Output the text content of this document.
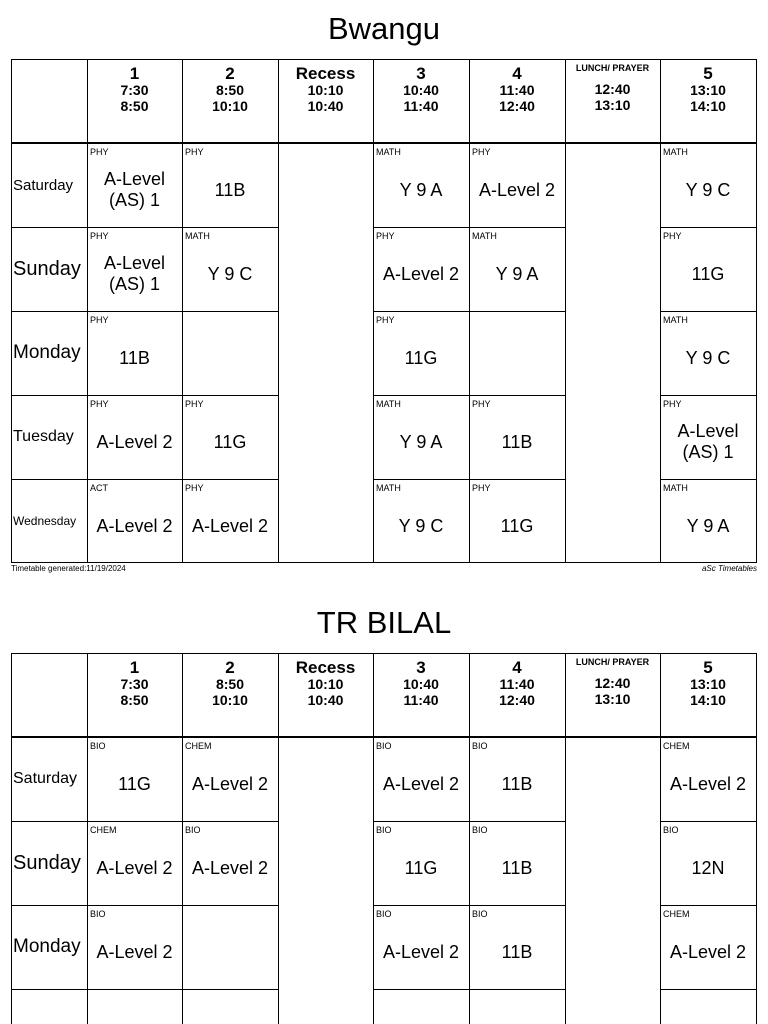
Bwangu
1
7:30
8:50
2
8:50
10:10
Recess
10:10
10:40
3
10:40
11:40
4
11:40
12:40
LUNCH/ PRAYER
12:40
13:10
5
13:10
14:10
Saturday
PHY
A-Level (AS) 1
PHY
11B
MATH
Y 9 A
PHY
A-Level 2
MATH
Y 9 C
Sunday
PHY
A-Level (AS) 1
MATH
Y 9 C
PHY
A-Level 2
MATH
Y 9 A
PHY
11G
Monday
PHY
11B
PHY
11G
MATH
Y 9 C
Tuesday
PHY
A-Level 2
PHY
11G
MATH
Y 9 A
PHY
11B
PHY
A-Level (AS) 1
Wednesday
ACT
A-Level 2
PHY
A-Level 2
MATH
Y 9 C
PHY
11G
MATH
Y 9 A
Timetable generated:11/19/2024	aSc Timetables
TR BILAL
1
7:30
8:50
2
8:50
10:10
Recess
10:10
10:40
3
10:40
11:40
4
11:40
12:40
LUNCH/ PRAYER
12:40
13:10
5
13:10
14:10
Saturday
BIO
11G
CHEM
A-Level 2
BIO
A-Level 2
BIO
11B
CHEM
A-Level 2
Sunday
CHEM
A-Level 2
BIO
A-Level 2
BIO
11G
BIO
11B
BIO
12N
Monday
BIO
A-Level 2
BIO
A-Level 2
BIO
11B
CHEM
A-Level 2
